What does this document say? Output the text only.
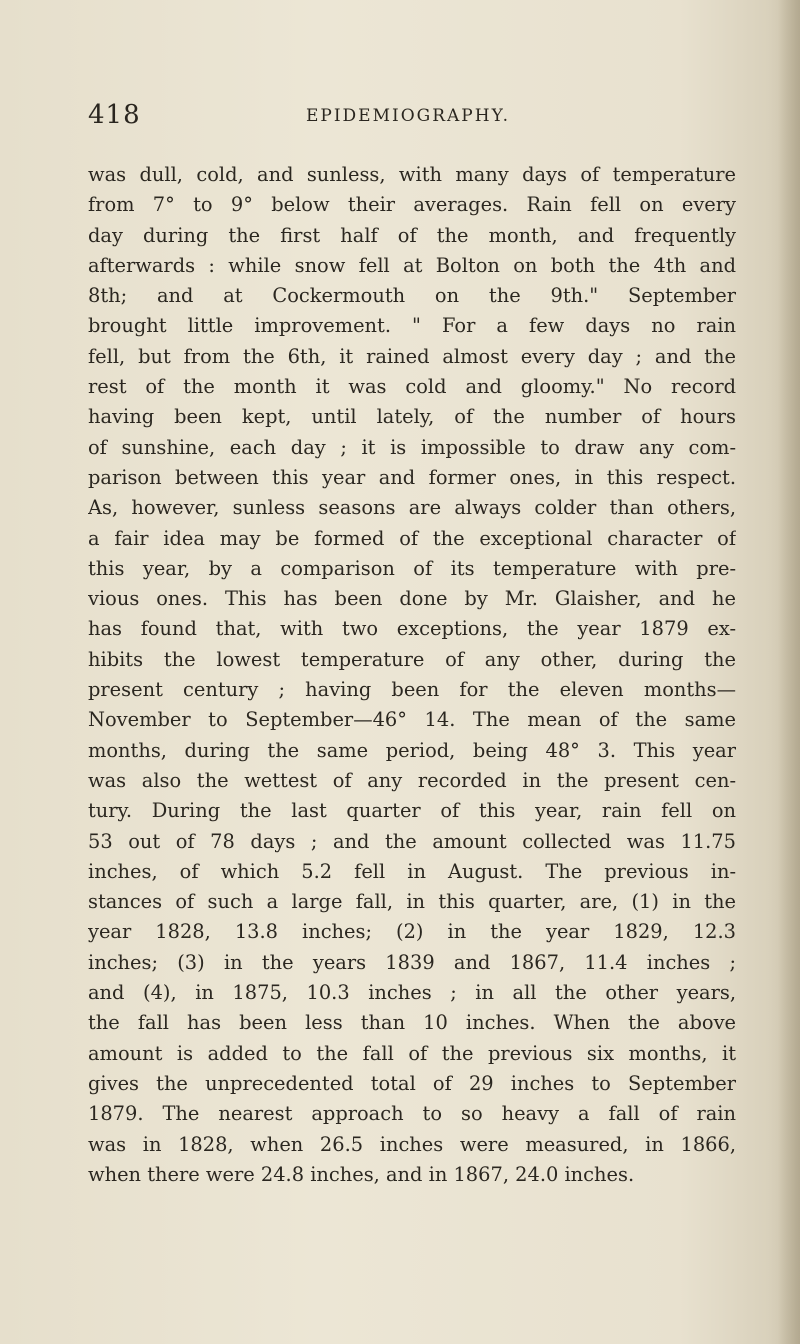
418	EPIDEMIOGRAPHY.
was dull, cold, and sunless, with many days of temperature
from 7° to 9° below their averages. Rain fell on every
day during the first half of the month, and frequently
afterwards : while snow fell at Bolton on both the 4th and
8th; and at Cockermouth on the 9th." September
brought little improvement. " For a few days no rain
fell, but from the 6th, it rained almost every day ; and the
rest of the month it was cold and gloomy." No record
having been kept, until lately, of the number of hours
of sunshine, each day ; it is impossible to draw any com-
parison between this year and former ones, in this respect.
As, however, sunless seasons are always colder than others,
a fair idea may be formed of the exceptional character of
this year, by a comparison of its temperature with pre-
vious ones. This has been done by Mr. Glaisher, and he
has found that, with two exceptions, the year 1879 ex-
hibits the lowest temperature of any other, during the
present century ; having been for the eleven months—
November to September—46° 14. The mean of the same
months, during the same period, being 48° 3. This year
was also the wettest of any recorded in the present cen-
tury. During the last quarter of this year, rain fell on
53 out of 78 days ; and the amount collected was 11.75
inches, of which 5.2 fell in August. The previous in-
stances of such a large fall, in this quarter, are, (1) in the
year 1828, 13.8 inches; (2) in the year 1829, 12.3
inches; (3) in the years 1839 and 1867, 11.4 inches ;
and (4), in 1875, 10.3 inches ; in all the other years,
the fall has been less than 10 inches. When the above
amount is added to the fall of the previous six months, it
gives the unprecedented total of 29 inches to September
1879. The nearest approach to so heavy a fall of rain
was in 1828, when 26.5 inches were measured, in 1866,
when there were 24.8 inches, and in 1867, 24.0 inches.
